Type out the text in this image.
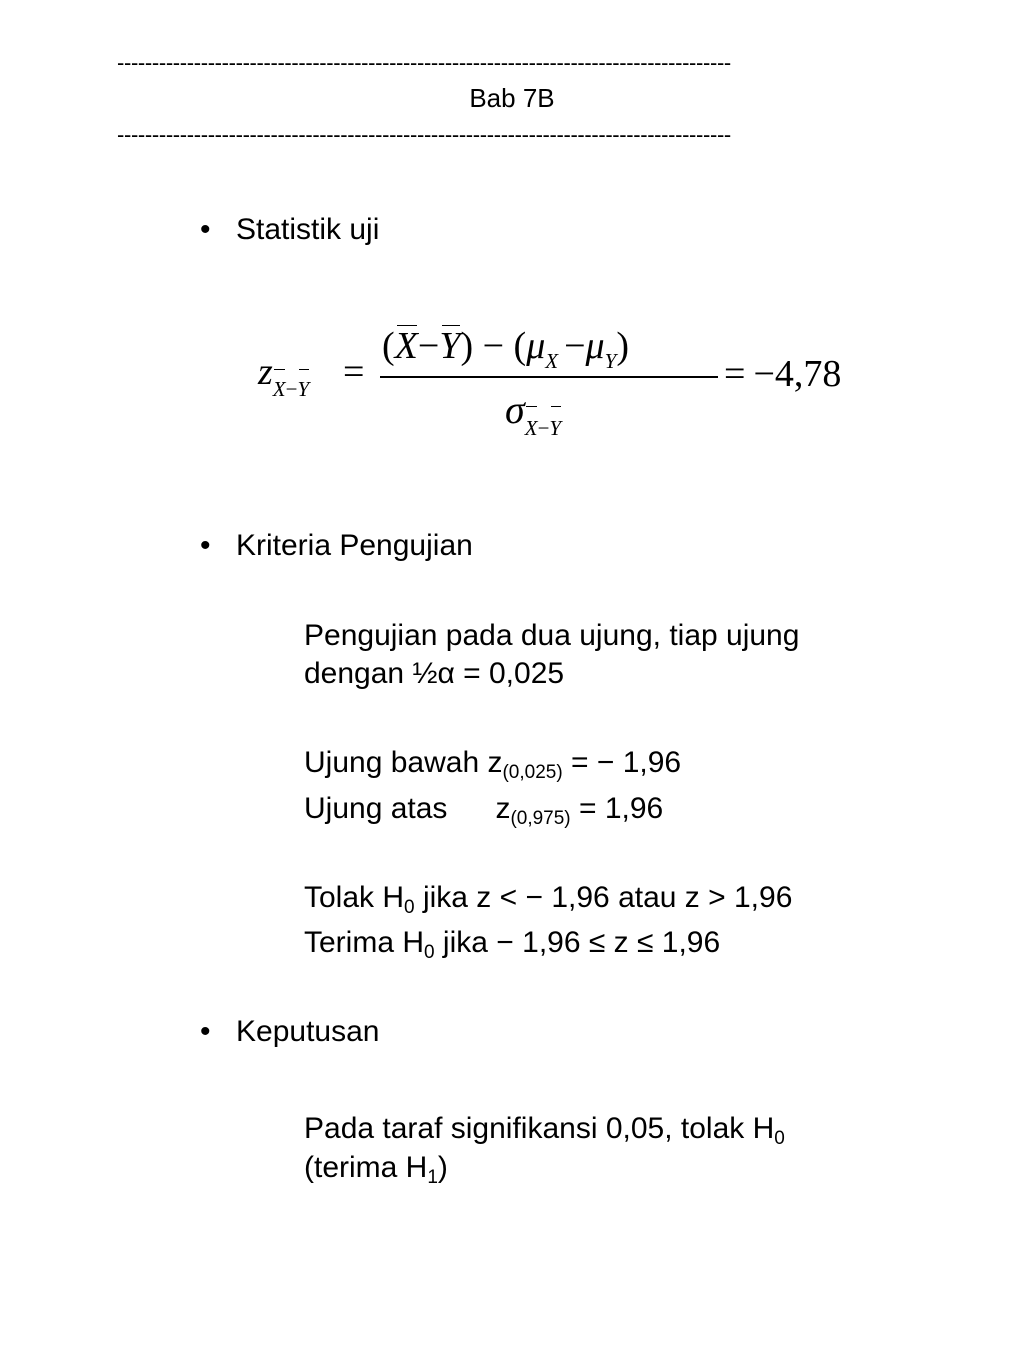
----------------------------------------------------------------------------------------
Bab 7B
----------------------------------------------------------------------------------------
• Statistik uji
$z_{X-Y}$ =
$(X-Y) - (\mu_X -\mu_Y)$
$\sigma_{X-Y}$
= −4,78
• Kriteria Pengujian
Pengujian pada dua ujung, tiap ujung
dengan ½α = 0,025
Ujung bawah $z_{(0,025)}$ = − 1,96
Ujung atas $z_{(0,975)} = 1,96$
Tolak $H_0$ jika z < − 1,96 atau z > 1,96
Terima $H_0$ jika − 1,96 ≤ z ≤ 1,96
• Keputusan
Pada taraf signifikansi 0,05, tolak $H_0$
(terima $H_1$)
